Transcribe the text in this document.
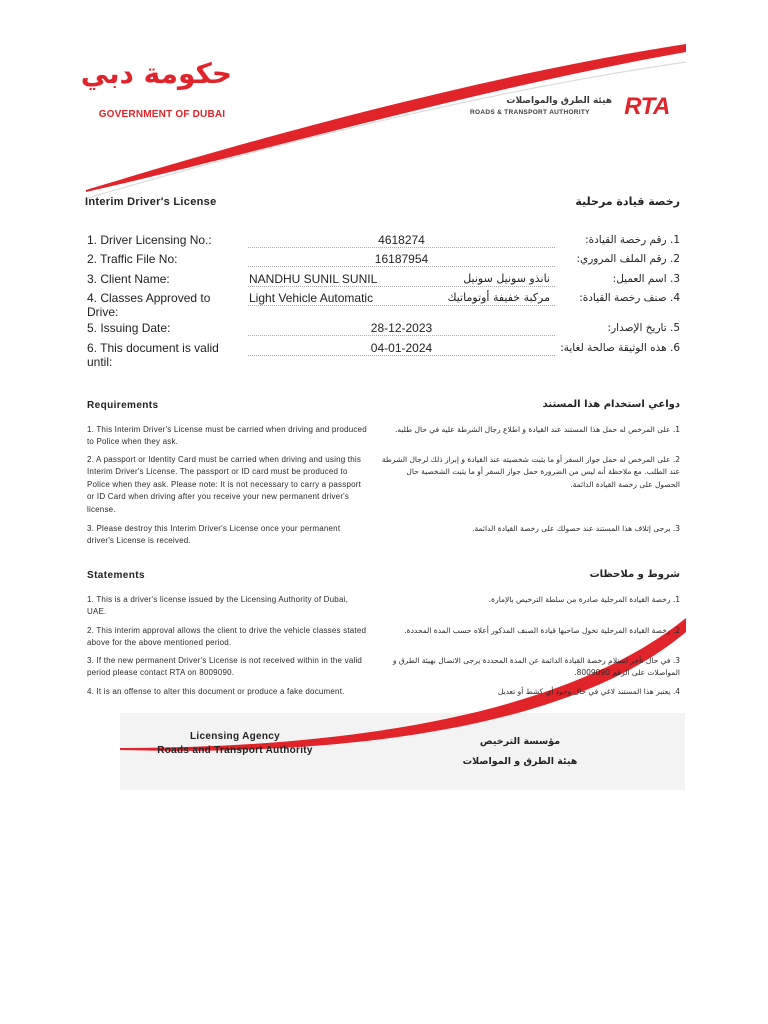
حكومة دبي
GOVERNMENT OF DUBAI
هيئة الطرق والمواصلات
ROADS & TRANSPORT AUTHORITY	RTA
Interim Driver's License	رخصة قيادة مرحلية
1. Driver Licensing No.:	4618274	1. رقم رخصة القيادة:
2. Traffic File No:	16187954	2. رقم الملف المروري:
3. Client Name:	NANDHU SUNIL SUNIL	نانذو سونيل سونيل	3. اسم العميل:
4. Classes Approved to Drive:
Light Vehicle Automatic	مركبة خفيفة أوتوماتيك	4. صنف رخصة القيادة:
5. Issuing Date:	28-12-2023	5. تاريخ الإصدار:
6. This document is valid until:
04-01-2024	6. هذه الوثيقة صالحة لغاية:
Requirements	دواعي استخدام هذا المستند
1. This Interim Driver's License must be carried when driving and produced to Police when they ask.
1. على المرخص له حمل هذا المستند عند القيادة و اطلاع رجال الشرطة عليه في حال طلبه.
2. A passport or Identity Card must be carried when driving and using this Interim Driver's License. The passport or ID card must be produced to Police when they ask. Please note: It is not necessary to carry a passport or ID Card when driving after you receive your new permanent driver's license.
2. على المرخص له حمل جواز السفر أو ما يثبت شخصيته عند القيادة و إبراز ذلك لرجال الشرطة عند الطلب. مع ملاحظة أنه ليس من الضرورة حمل جواز السفر أو ما يثبت الشخصية حال الحصول على رخصة القيادة الدائمة.
3. Please destroy this Interim Driver's License once your permanent driver's License is received.
3. يرجى إتلاف هذا المستند عند حصولك على رخصة القيادة الدائمة.
Statements	شروط و ملاحظات
1. This is a driver's license issued by the Licensing Authority of Dubai, UAE.
1. رخصة القيادة المرحلية صادرة من سلطة الترخيص بالإمارة.
2. This interim approval allows the client to drive the vehicle classes stated above for the above mentioned period.
2. رخصة القيادة المرحلية تخول صاحبها قيادة الصنف المذكور أعلاه حسب المدة المحددة.
3. If the new permanent Driver's License is not received within in the valid period please contact RTA on 8009090.
3. في حال تأخر استلام رخصة القيادة الدائمة عن المدة المحددة يرجى الاتصال بهيئة الطرق و المواصلات على الرقم 8009090.
4. It is an offense to alter this document or produce a fake document.	4. يعتبر هذا المستند لاغي في حال وجود أي كشط أو تعديل
Licensing Agency
Roads and Transport Authority
مؤسسة الترخيص
هيئة الطرق و المواصلات
